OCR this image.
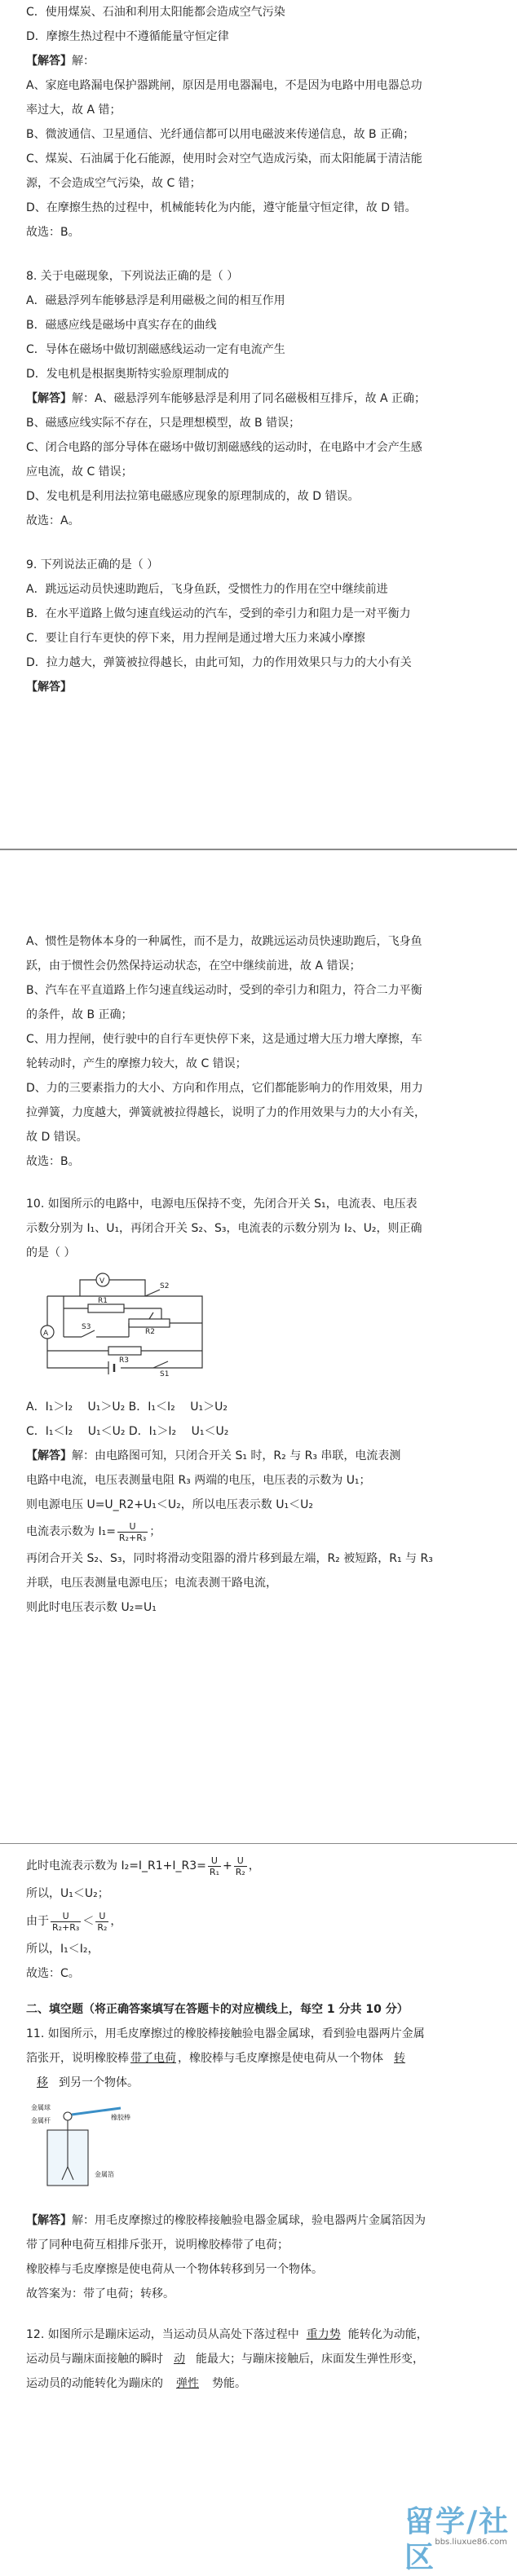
C．使用煤炭、石油和利用太阳能都会造成空气污染

D．摩擦生热过程中不遵循能量守恒定律

【解答】解：

A、家庭电路漏电保护器跳闸，原因是用电器漏电，不是因为电路中用电器总功

率过大，故 A 错；

B、微波通信、卫星通信、光纤通信都可以用电磁波来传递信息，故 B 正确；

C、煤炭、石油属于化石能源，使用时会对空气造成污染，而太阳能属于清洁能

源，不会造成空气污染，故 C 错；

D、在摩擦生热的过程中，机械能转化为内能，遵守能量守恒定律，故 D 错。

故选：B。

8. 关于电磁现象，下列说法正确的是（ ）

A．磁悬浮列车能够悬浮是利用磁极之间的相互作用

B．磁感应线是磁场中真实存在的曲线

C．导体在磁场中做切割磁感线运动一定有电流产生

D．发电机是根据奥斯特实验原理制成的

【解答】解：A、磁悬浮列车能够悬浮是利用了同名磁极相互排斥，故 A 正确；

B、磁感应线实际不存在，只是理想模型，故 B 错误；

C、闭合电路的部分导体在磁场中做切割磁感线的运动时，在电路中才会产生感

应电流，故 C 错误；

D、发电机是利用法拉第电磁感应现象的原理制成的，故 D 错误。

故选：A。

9. 下列说法正确的是（ ）

A．跳远运动员快速助跑后，飞身鱼跃，受惯性力的作用在空中继续前进

B．在水平道路上做匀速直线运动的汽车，受到的牵引力和阻力是一对平衡力

C．要让自行车更快的停下来，用力捏闸是通过增大压力来减小摩擦

D．拉力越大，弹簧被拉得越长，由此可知，力的作用效果只与力的大小有关

【解答】

A、惯性是物体本身的一种属性，而不是力，故跳远运动员快速助跑后，飞身鱼

跃，由于惯性会仍然保持运动状态，在空中继续前进，故 A 错误；

B、汽车在平直道路上作匀速直线运动时，受到的牵引力和阻力，符合二力平衡

的条件，故 B 正确；

C、用力捏闸，使行驶中的自行车更快停下来，这是通过增大压力增大摩擦，车

轮转动时，产生的摩擦力较大，故 C 错误；

D、力的三要素指力的大小、方向和作用点，它们都能影响力的作用效果，用力

拉弹簧，力度越大，弹簧就被拉得越长，说明了力的作用效果与力的大小有关，

故 D 错误。

故选：B。

10. 如图所示的电路中，电源电压保持不变，先闭合开关 S₁，电流表、电压表

示数分别为 I₁、U₁，再闭合开关 S₂、S₃，电流表的示数分别为 I₂、U₂，则正确

的是（ ）

V
A
R1
R2
R3
S1
S2
S3

A．I₁＞I₂　 U₁＞U₂ B．I₁＜I₂　 U₁＞U₂

C．I₁＜I₂　 U₁＜U₂ D．I₁＞I₂　 U₁＜U₂

【解答】解：由电路图可知，只闭合开关 S₁ 时，R₂ 与 R₃ 串联，电流表测

电路中电流，电压表测量电阻 R₃ 两端的电压，电压表的示数为 U₁；

则电源电压 U=U_R2+U₁＜U₂，所以电压表示数 U₁＜U₂

电流表示数为 $I_1= \frac{U}{\text{R₂+R₃}}$ ；

再闭合开关 S₂、S₃，同时将滑动变阻器的滑片移到最左端，R₂ 被短路，R₁ 与 R₃

并联，电压表测量电源电压；电流表测干路电流，

则此时电压表示数 U₂=U₁

此时电流表示数为 I₂=I_R1+I_R3= $\frac{U}{\text{R₁}} + \frac{U}{\text{R₂}}$ ，

所以，U₁＜U₂；

由于 $\frac{U}{\text{R₂+R₃}} < \frac{U}{\text{R₂}}$ ，

所以，I₁＜I₂，

故选：C。

二、填空题（将正确答案填写在答题卡的对应横线上，每空 1 分共 10 分）

11. 如图所示，用毛皮摩擦过的橡胶棒接触验电器金属球，看到验电器两片金属

箔张开，说明橡胶棒 带了电荷 ，橡胶棒与毛皮摩擦是使电荷从一个物体 转

移 到另一个物体。

金属球
金属杆	橡胶棒
金属箔

【解答】解：用毛皮摩擦过的橡胶棒接触验电器金属球，验电器两片金属箔因为

带了同种电荷互相排斥张开，说明橡胶棒带了电荷；

橡胶棒与毛皮摩擦是使电荷从一个物体转移到另一个物体。

故答案为：带了电荷；转移。

12. 如图所示是蹦床运动，当运动员从高处下落过程中 重力势 能转化为动能，

运动员与蹦床面接触的瞬时 动 能最大；与蹦床接触后，床面发生弹性形变，

运动员的动能转化为蹦床的 弹性 势能。

留学/社区 bbs.liuxue86.com
